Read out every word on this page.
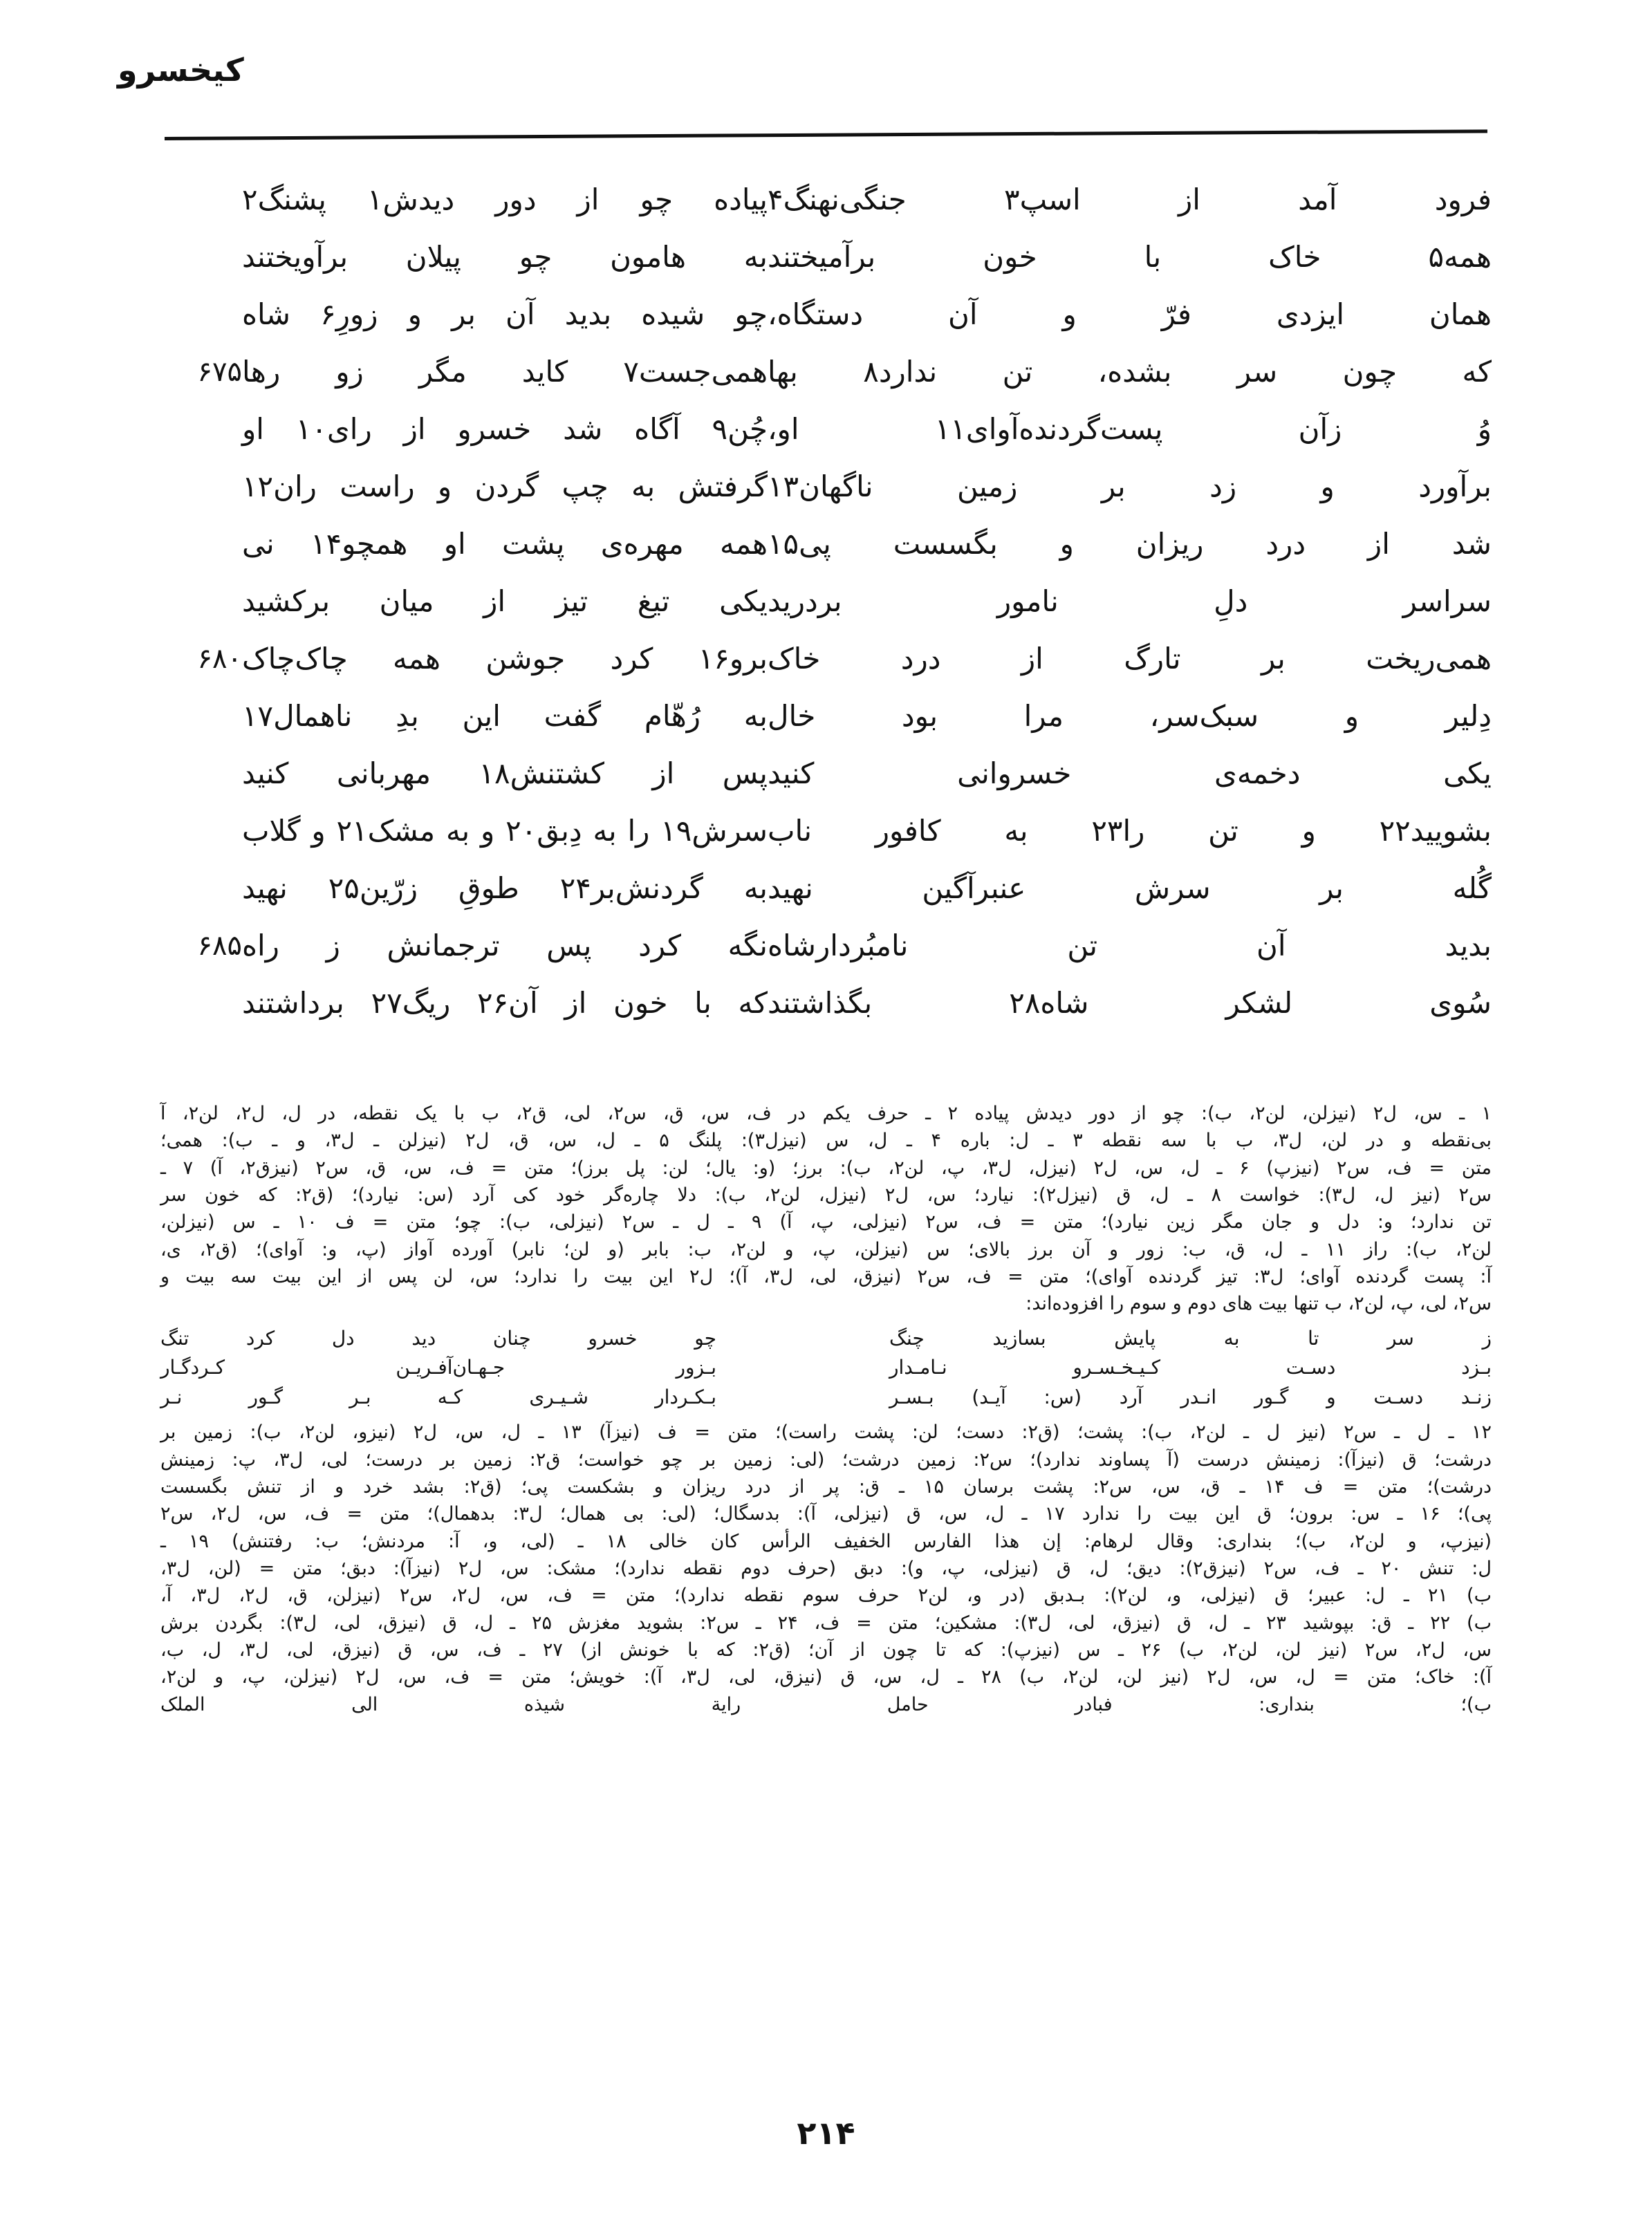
کیخسرو
فرود آمد از اسپ٣ جنگی‌نهنگ۴
پیاده چو از دور دیدش١ پشنگ٢
همه۵ خاک با خون برآمیختند
به هامون چو پیلان برآویختند
همان ایزدی فرّ و آن دستگاه،
چو شیده بدید آن بر و زورِ۶ شاه
که چون سر بشده، تن ندارد٨ بها
همی‌جست٧ کاید مگر زو رها
۶۷۵
وُ زآن پست‌گردنده‌آوای١١ او،
چُن٩ آگاه شد خسرو از رای١٠ او
برآورد و زد بر زمین ناگهان١٣
گرفتش به چپ گردن و راست ران١٢
شد از درد ریزان و بگسست پی١۵
همه مهره‌ی پشت او همچو١۴ نی
سراسر دلِ نامور بردرید
یکی تیغ تیز از میان برکشید
همی‌ریخت بر تارگ از درد خاک
برو١۶ کرد جوشن همه چاک‌چاک
۶۸۰
دِلیر و سبک‌سر، مرا بود خال
به رُهّام گفت این بدِ ناهمال١٧
یکی دخمه‌ی خسروانی کنید
پس از کشتنش١٨ مهربانی کنید
بشویید٢٢ و تن را٢٣ به کافور ناب
سرش١٩ را به دِبق٢٠ و به مشک٢١ و گلاب
گُله بر سرش عنبرآگین نهید
به گردنش‌بر٢۴ طوقِ زرّین٢۵ نهید
بدید آن تن نامبُردارشاه
نگه کرد پس ترجمانش ز راه
۶۸۵
سُوی لشکر شاه٢٨ بگذاشتند
که با خون از آن٢۶ ریگ٢٧ برداشتند

١ ـ س، ل٢ (نیزلن، لن٢، ب): چو از دور دیدش پیاده ٢ ـ حرف یکم در ف، س، ق، س٢، لی، ق٢، ب با یک نقطه، در ل، ل٢، لن٢، آ

بی‌نقطه و در لن، ل٣، ب با سه نقطه ٣ ـ ل: باره ۴ ـ ل، س (نیزل٣): پلنگ ۵ ـ ل، س، ق، ل٢ (نیزلن ـ ل٣، و ـ ب): همی؛

متن = ف، س٢ (نیز‌پ) ۶ ـ ل، س، ل٢ (نیزل، ل٣، پ، لن٢، ب): برز؛ (و: یال؛ لن: پل برز)؛ متن = ف، س، ق، س٢ (نیز‌ق٢، آ) ٧ ـ

س٢ (نیز ل، ل٣): خواست ٨ ـ ل، ق (نیزل٢): نیارد؛ س، ل٢ (نیزل، لن٢، ب): دلا چاره‌گر خود کی آرد (س: نیارد)؛ (ق٢: که خون سر

تن ندارد؛ و: دل و جان مگر زین نیارد)؛ متن = ف، س٢ (نیز‌لی، پ، آ) ٩ ـ ل ـ س٢ (نیزلی، ب): چو؛ متن = ف ١٠ ـ س (نیزلن،

لن٢، ب): راز ١١ ـ ل، ق، ب: زور و آن برز بالای؛ س (نیزلن، پ، و لن٢، ب: بابر (و لن؛ نابر) آورده آواز (پ، و: آوای)؛ (ق٢، ی،

آ: پست گردنده آوای؛ ل٣: تیز گردنده آوای)؛ متن = ف، س٢ (نیز‌ق، لی، ل٣، آ)؛ ل٢ این بیت را ندارد؛ س، لن پس از این بیت سه بیت و

س٢، لی، پ، لن٢، ب تنها بیت های دوم و سوم را افزوده‌اند:

ز سر تا به پایش بسازید چنگ
چو خسرو چنان دید دل کرد تنگ
بـزد دسـت کـیـخـسـرو نـامـدار
بـزور جـهـان‌آفـریـن کـردگـار
زنـد دسـت و گـور انـدر آرد (س: آیـد) بـسـر
بـکـردار شـیـری کـه بـر گـور نـر

١٢ ـ ل ـ س٢ (نیز ل ـ لن٢، ب): پشت؛ (ق٢: دست؛ لن: پشت راست)؛ متن = ف (نیز‌آ) ١٣ ـ ل، س، ل٢ (نیزو، لن٢، ب): زمین بر

درشت؛ ق (نیز‌آ): زمینش درست (آ پساوند ندارد)؛ س٢: زمین درشت؛ (لی: زمین بر چو خواست؛ ق٢: زمین بر درست؛ لی، ل٣، پ: زمینش

درشت)؛ متن = ف ١۴ ـ ق، س، س٢: پشت برسان ١۵ ـ ق: پر از درد ریزان و بشکست پی؛ (ق٢: بشد خرد و از تنش بگسست

پی)؛ ١۶ ـ س: برون؛ ق این بیت را ندارد ١٧ ـ ل، س، ق (نیز‌لی، آ): بدسگال؛ (لی: بی همال؛ ل٣: بدهمال)؛ متن = ف، س، ل٢، س٢

(نیز‌پ، و لن٢، ب)؛ بنداری: وقال لرهام: إن هذا الفارس الخفیف الرأس کان خالی ١٨ ـ (لی، و، آ: مردنش؛ ب: رفتنش) ١٩ ـ

ل: تنش ٢٠ ـ ف، س٢ (نیز‌ق٢): دیق؛ ل، ق (نیزلی، پ، و): دبق (حرف دوم نقطه ندارد)؛ مشک: س، ل٢ (نیز‌آ): دبق؛ متن = (لن، ل٣،

ب) ٢١ ـ ل: عبیر؛ ق (نیزلی، و، لن٢): بـدبق (در و، لن٢ حرف سوم نقطه ندارد)؛ متن = ف، س، ل٢، س٢ (نیز‌لن، ق، ل٢، ل٣، آ،

ب) ٢٢ ـ ق: بپوشید ٢٣ ـ ل، ق (نیزق، لی، ل٣): مشکین؛ متن = ف، ٢۴ ـ س٢: بشوید مغزش ٢۵ ـ ل، ق (نیز‌ق، لی، ل٣): بگردن برش

س، ل٢، س٢ (نیز لن، لن٢، ب) ٢۶ ـ س (نیز‌پ): که تا چون از آن؛ (ق٢: که با خونش از) ٢٧ ـ ف، س، ق (نیزق، لی، ل٣، ل، ب،

آ): خاک؛ متن = ل، س، ل٢ (نیز لن، لن٢، ب) ٢٨ ـ ل، س، ق (نیز‌ق، لی، ل٣، آ): خویش؛ متن = ف، س، ل٢ (نیز‌لن، پ، و لن٢،

ب)؛ بنداری: فبادر حامل رایة شیذه الی الملک

۲۱۴
